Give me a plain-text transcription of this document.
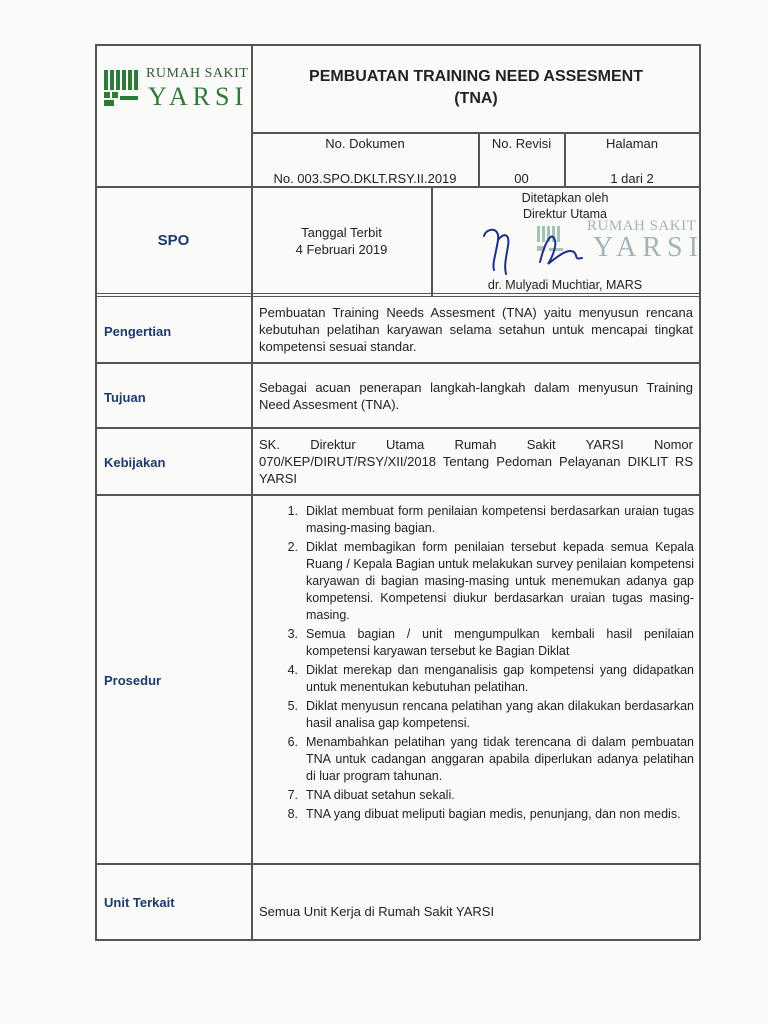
RUMAH SAKIT
YARSI
PEMBUATAN TRAINING NEED ASSESMENT
(TNA)
No. Dokumen
No. 003.SPO.DKLT.RSY.II.2019
No. Revisi
00
Halaman
1 dari 2
SPO	Tanggal Terbit
4 Februari 2019
Ditetapkan oleh
Direktur Utama
RUMAH SAKIT
YARSI
dr. Mulyadi Muchtiar, MARS
Pengertian
Pembuatan Training Needs Assesment (TNA) yaitu menyusun rencana kebutuhan pelatihan karyawan selama setahun untuk mencapai tingkat kompetensi sesuai standar.
Tujuan
Sebagai acuan penerapan langkah-langkah dalam menyusun Training Need Assesment (TNA).
Kebijakan
SK. Direktur Utama Rumah Sakit YARSI Nomor 070/KEP/DIRUT/RSY/XII/2018 Tentang Pedoman Pelayanan DIKLIT RS YARSI
Prosedur
1. Diklat membuat form penilaian kompetensi berdasarkan uraian tugas masing-masing bagian.
2. Diklat membagikan form penilaian tersebut kepada semua Kepala Ruang / Kepala Bagian untuk melakukan survey penilaian kompetensi karyawan di bagian masing-masing untuk menemukan adanya gap kompetensi. Kompetensi diukur berdasarkan uraian tugas masing-masing.
3. Semua bagian / unit mengumpulkan kembali hasil penilaian kompetensi karyawan tersebut ke Bagian Diklat
4. Diklat merekap dan menganalisis gap kompetensi yang didapatkan untuk menentukan kebutuhan pelatihan.
5. Diklat menyusun rencana pelatihan yang akan dilakukan berdasarkan hasil analisa gap kompetensi.
6. Menambahkan pelatihan yang tidak terencana di dalam pembuatan TNA untuk cadangan anggaran apabila diperlukan adanya pelatihan di luar program tahunan.
7. TNA dibuat setahun sekali.
8. TNA yang dibuat meliputi bagian medis, penunjang, dan non medis.
Unit Terkait
Semua Unit Kerja di Rumah Sakit YARSI
